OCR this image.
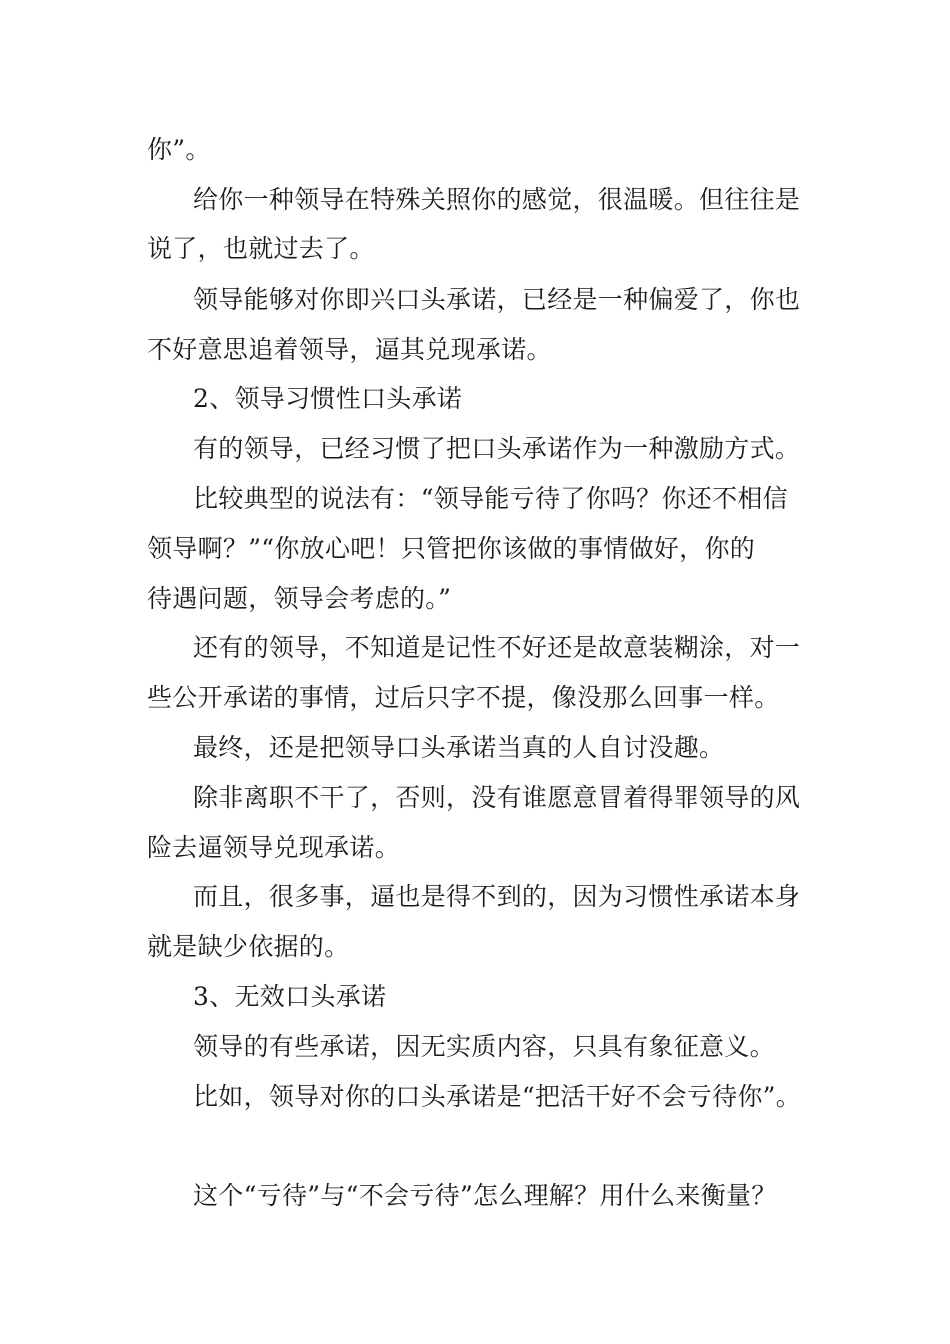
你”。
给你一种领导在特殊关照你的感觉，很温暖。但往往是
说了，也就过去了。
领导能够对你即兴口头承诺，已经是一种偏爱了，你也
不好意思追着领导，逼其兑现承诺。
2、领导习惯性口头承诺
有的领导，已经习惯了把口头承诺作为一种激励方式。
比较典型的说法有：“领导能亏待了你吗？你还不相信
领导啊？”“你放心吧！只管把你该做的事情做好，你的
待遇问题，领导会考虑的。”
还有的领导，不知道是记性不好还是故意装糊涂，对一
些公开承诺的事情，过后只字不提，像没那么回事一样。
最终，还是把领导口头承诺当真的人自讨没趣。
除非离职不干了，否则，没有谁愿意冒着得罪领导的风
险去逼领导兑现承诺。
而且，很多事，逼也是得不到的，因为习惯性承诺本身
就是缺少依据的。
3、无效口头承诺
领导的有些承诺，因无实质内容，只具有象征意义。
比如，领导对你的口头承诺是“把活干好不会亏待你”。
这个“亏待”与“不会亏待”怎么理解？用什么来衡量？
